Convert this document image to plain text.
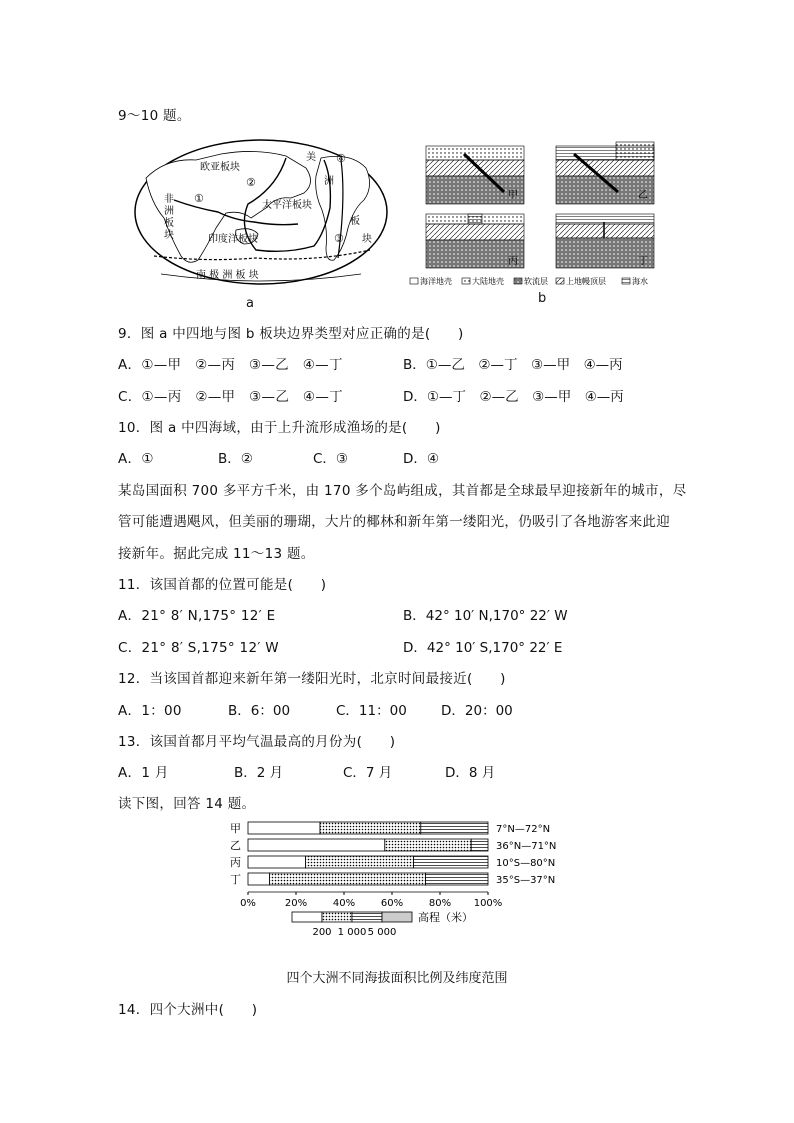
9～10 题。
欧亚板块
非
洲
板
块
太平洋板块
印度洋板块
南 极 洲 板 块
美
洲
板
块
①
②
③
④
a
甲	乙
丙	丁
海洋地壳	大陆地壳	软流层 上地幔顶层	海水
b
9．图 a 中四地与图 b 板块边界类型对应正确的是(　　)
A．①—甲　②—丙　③—乙　④—丁	B．①—乙　②—丁　③—甲　④—丙
C．①—丙　②—甲　③—乙　④—丁	D．①—丁　②—乙　③—甲　④—丙
10．图 a 中四海域，由于上升流形成渔场的是(　　)
A．①	B．②	C．③	D．④
某岛国面积 700 多平方千米，由 170 多个岛屿组成，其首都是全球最早迎接新年的城市，尽
管可能遭遇飓风，但美丽的珊瑚，大片的椰林和新年第一缕阳光，仍吸引了各地游客来此迎
接新年。据此完成 11～13 题。
11．该国首都的位置可能是(　　)
A．21° 8′ N,175° 12′ E	B．42° 10′ N,170° 22′ W
C．21° 8′ S,175° 12′ W	D．42° 10′ S,170° 22′ E
12．当该国首都迎来新年第一缕阳光时，北京时间最接近(　　)
A．1：00	B．6：00	C．11：00	D．20：00
13．该国首都月平均气温最高的月份为(　　)
A．1 月	B．2 月	C．7 月	D．8 月
读下图，回答 14 题。
甲	7°N—72°N
乙	36°N—71°N
丙	10°S—80°N
丁	35°S—37°N
0%	20%	40%	60%	80% 100%
高程（米）
200 1 000 5 000
四个大洲不同海拔面积比例及纬度范围
14．四个大洲中(　　)
